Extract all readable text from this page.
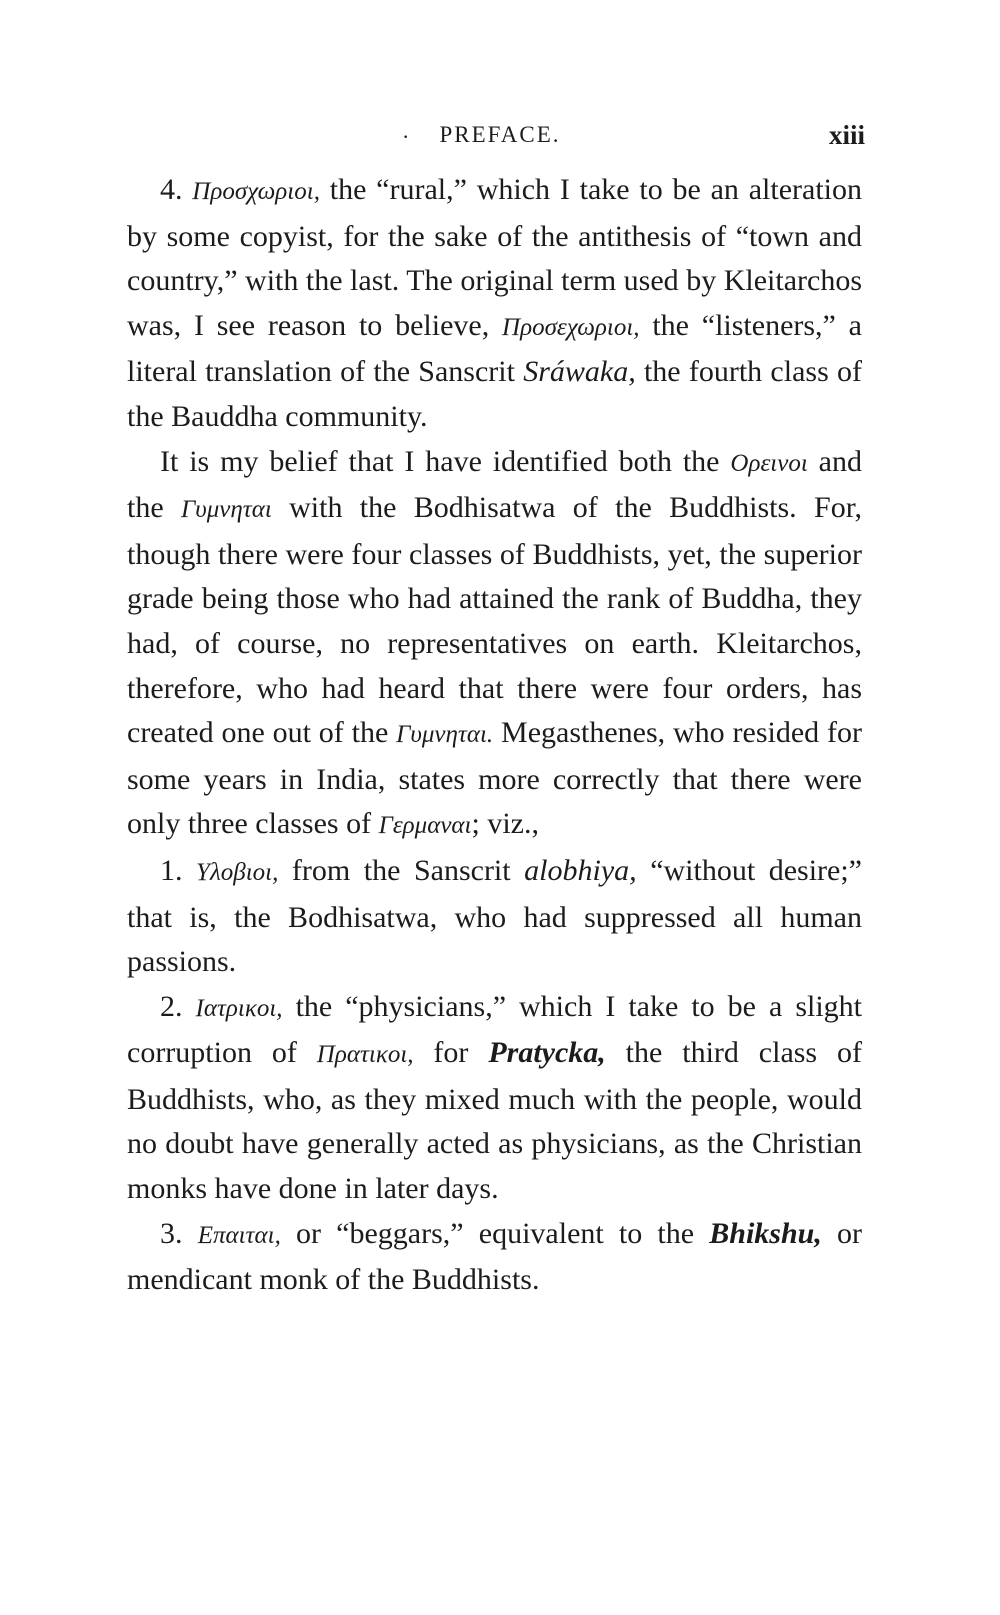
·	PREFACE.	xiii

4. Προσχωριοι, the “rural,” which I take to be an alteration by some copyist, for the sake of the antithesis of “town and country,” with the last. The original term used by Kleitarchos was, I see reason to believe, Προσεχωριοι, the “listeners,” a literal translation of the Sanscrit Sráwaka, the fourth class of the Bauddha community.

It is my belief that I have identified both the Ορεινοι and the Γυμνηται with the Bodhisatwa of the Buddhists. For, though there were four classes of Buddhists, yet, the superior grade being those who had attained the rank of Buddha, they had, of course, no representatives on earth. Kleitarchos, therefore, who had heard that there were four orders, has created one out of the Γυμνηται. Megasthenes, who resided for some years in India, states more correctly that there were only three classes of Γερμαναι; viz.,

1. Υλοβιοι, from the Sanscrit alobhiya, “without desire;” that is, the Bodhisatwa, who had suppressed all human passions.

2. Ιατρικοι, the “physicians,” which I take to be a slight corruption of Πρατικοι, for Pratycka, the third class of Buddhists, who, as they mixed much with the people, would no doubt have generally acted as physicians, as the Christian monks have done in later days.

3. Επαιται, or “beggars,” equivalent to the Bhikshu, or mendicant monk of the Buddhists.
